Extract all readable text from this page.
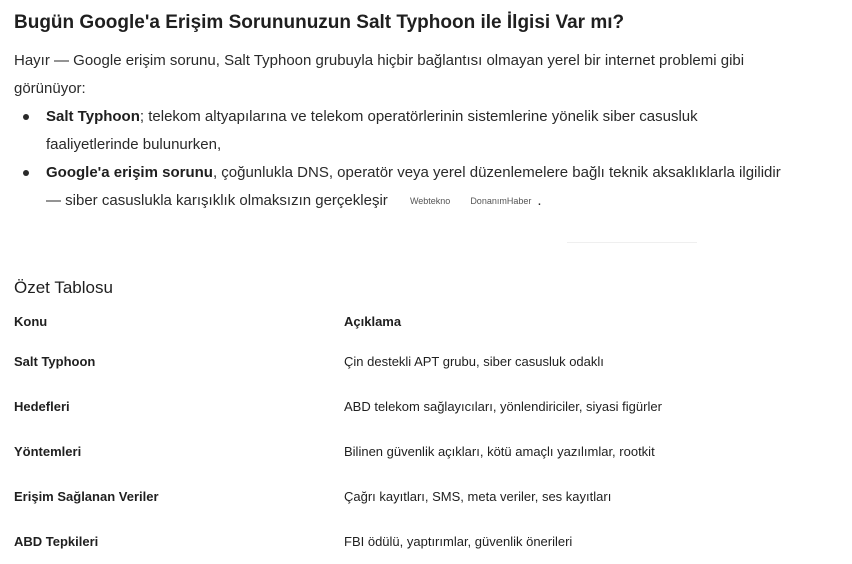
Bugün Google'a Erişim Sorununuzun Salt Typhoon ile İlgisi Var mı?

Hayır — Google erişim sorunu, Salt Typhoon grubuyla hiçbir bağlantısı olmayan yerel bir internet problemi gibi görünüyor:

Salt Typhoon; telekom altyapılarına ve telekom operatörlerinin sistemlerine yönelik siber casusluk faaliyetlerinde bulunurken,
Google'a erişim sorunu, çoğunlukla DNS, operatör veya yerel düzenlemelere bağlı teknik aksaklıklarla ilgilidir — siber casuslukla karışıklık olmaksızın gerçekleşir Webtekno DonanımHaber .
Özet Tablosu
Konu	Açıklama
Salt Typhoon	Çin destekli APT grubu, siber casusluk odaklı
Hedefleri	ABD telekom sağlayıcıları, yönlendiriciler, siyasi figürler
Yöntemleri	Bilinen güvenlik açıkları, kötü amaçlı yazılımlar, rootkit
Erişim Sağlanan Veriler	Çağrı kayıtları, SMS, meta veriler, ses kayıtları
ABD Tepkileri	FBI ödülü, yaptırımlar, güvenlik önerileri
